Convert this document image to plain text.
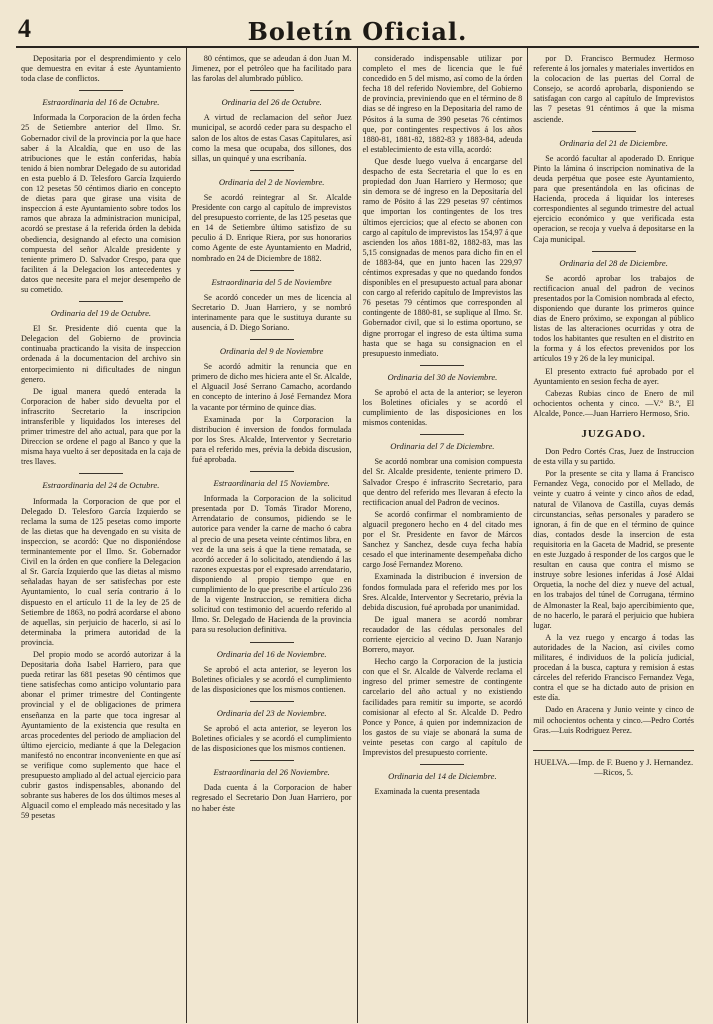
4	Boletín Oficial.

Depositaria por el desprendimiento y celo que demuestra en evitar á este Ayuntamiento toda clase de conflictos.

Estraordinaria del 16 de Octubre.

Informada la Corporacion de la órden fecha 25 de Setiembre anterior del Ilmo. Sr. Gobernador civil de la provincia por la que hace saber á la Alcaldía, que en uso de las atribuciones que le están conferidas, había tenido á bien nombrar Delegado de su autoridad en esta pueblo á D. Telesforo García Izquierdo con 12 pesetas 50 céntimos diario en concepto de dietas para que girase una visita de inspeccion á este Ayuntamiento sobre todos los ramos que abraza la administracion municipal, acordó se prestase á la referida órden la debida obediencia, designando al efecto una comision compuesta del señor Alcalde presidente y teniente primero D. Salvador Crespo, para que faciliten á la Delegacion los antecedentes y datos que necesite para el mejor desempeño de su cometido.

Ordinaria del 19 de Octubre.

El Sr. Presidente dió cuenta que la Delegacion del Gobierno de provincia continuaba practicando la visita de inspeccion ordenada á la documentacion del archivo sin entorpecimiento ni dificultades de ningun genero.

De igual manera quedó enterada la Corporacion de haber sido devuelta por el infrascrito Secretario la inscripcion intransferible y liquidados los intereses del primer trimestre del año actual, para que por la Direccion se ordene el pago al Banco y que la misma haya vuelto á ser depositada en la caja de tres llaves.

Estraordinaria del 24 de Octubre.

Informada la Corporacion de que por el Delegado D. Telesforo García Izquierdo se reclama la suma de 125 pesetas como importe de las dietas que ha devengado en su visita de inspeccion, se acordó: Que no disponiéndose terminantemente por el Ilmo. Sr. Gobernador Civil en la órden en que confiere la Delegacion al Sr. García Izquierdo que las dietas al mismo señaladas hayan de ser satisfechas por este Ayuntamiento, lo cual sería contrario á lo dispuesto en el artículo 11 de la ley de 25 de Setiembre de 1863, no podrá acordarse el abono de aquellas, sin perjuicio de hacerlo, si así lo determinaba la primera autoridad de la provincia.

Del propio modo se acordó autorizar á la Depositaria doña Isabel Harriero, para que pueda retirar las 681 pesetas 90 céntimos que tiene satisfechas como anticipo voluntario para abonar el primer trimestre del Contingente provincial y el de obligaciones de primera enseñanza en la parte que toca ingresar al Ayuntamiento de la existencia que resulta en arcas procedentes del periodo de ampliacion del último ejercicio, mediante á que la Delegacion manifestó no encontrar inconveniente en que así se verifique como suplemento que hace el presupuesto ampliado al del actual ejercicio para cubrir gastos indispensables, abonando del sobrante sus haberes de los dos últimos meses al Alguacil como el empleado más necesitado y las 59 pesetas

80 céntimos, que se adeudan á don Juan M. Jimenez, por el petróleo que ha facilitado para las farolas del alumbrado público.

Ordinaria del 26 de Octubre.

A virtud de reclamacion del señor Juez municipal, se acordó ceder para su despacho el salon de los altos de estas Casas Capitulares, así como la mesa que ocupaba, dos sillones, dos sillas, un quinqué y una escribanía.

Ordinaria del 2 de Noviembre.

Se acordó reintegrar al Sr. Alcalde Presidente con cargo al capítulo de imprevistos del presupuesto corriente, de las 125 pesetas que en 14 de Setiembre último satisfizo de su peculio á D. Enrique Riera, por sus honorarios como Agente de este Ayuntamiento en Madrid, nombrado en 24 de Diciembre de 1882.

Estraordinaria del 5 de Noviembre

Se acordó conceder un mes de licencia al Secretario D. Juan Harriero, y se nombró interinamente para que le sustituya durante su ausencia, á D. Diego Soriano.

Ordinaria del 9 de Noviembre

Se acordó admitir la renuncia que en primero de dicho mes hiciera ante el Sr. Alcalde, el Alguacil José Serrano Camacho, acordando en concepto de interino á José Fernandez Mora la vacante por término de quince dias.

Examinada por la Corporacion la distribucion é inversion de fondos formulada por los Sres. Alcalde, Interventor y Secretario para el referido mes, prévia la debida discusion, fué aprobada.

Estraordinaria del 15 Noviembre.

Informada la Corporacion de la solicitud presentada por D. Tomás Tirador Moreno, Arrendatario de consumos, pidiendo se le autorice para vender la carne de macho ó cabra al precio de una peseta veinte céntimos libra, en vez de la una seis á que la tiene rematada, se acordó acceder á lo solicitado, atendiendo á las razones expuestas por el expresado arrendatario, disponiendo al propio tiempo que en cumplimiento de lo que prescribe el artículo 236 de la vigente Instruccion, se remitiera dicha solicitud con testimonio del acuerdo referido al Ilmo. Sr. Delegado de Hacienda de la provincia para su resolucion definitiva.

Ordinaria del 16 de Noviembre.

Se aprobó el acta anterior, se leyeron los Boletines oficiales y se acordó el cumplimiento de las disposiciones que los mismos contienen.

Ordinaria del 23 de Noviembre.

Se aprobó el acta anterior, se leyeron los Boletines oficiales y se acordó el cumplimiento de las disposiciones que los mismos contienen.

Estraordinaria del 26 Noviembre.

Dada cuenta á la Corporacion de haber regresado el Secretario Don Juan Harriero, por no haber éste

considerado indispensable utilizar por completo el mes de licencia que le fué concedido en 5 del mismo, así como de la órden fecha 18 del referido Noviembre, del Gobierno de provincia, previniendo que en el término de 8 dias se dé ingreso en la Depositaria del ramo de Pósitos á la suma de 390 pesetas 76 céntimos que, por contingentes respectivos á los años 1880-81, 1881-82, 1882-83 y 1883-84, adeuda el establecimiento de esta villa, acordó:

Que desde luego vuelva á encargarse del despacho de esta Secretaria el que lo es en propiedad don Juan Harriero y Hermoso; que sin demora se dé ingreso en la Depositaría del ramo de Pósito á las 229 pesetas 97 céntimos que importan los contingentes de los tres últimos ejercicios; que al efecto se abonen con cargo al capítulo de imprevistos las 154,97 á que ascienden los años 1881-82, 1882-83, mas las 5,15 consignadas de menos para dicho fin en el de 1883-84, que en junto hacen las 229,97 céntimos expresadas y que no quedando fondos disponibles en el presupuesto actual para abonar con cargo al referido capítulo de Imprevistos las 76 pesetas 79 céntimos que corresponden al contingente de 1880-81, se suplique al Ilmo. Sr. Gobernador civil, que si lo estima oportuno, se digne prorrogar el ingreso de esta última suma hasta que se haga su consignacion en el presupuesto inmediato.

Ordinaria del 30 de Noviembre.

Se aprobó el acta de la anterior; se leyeron los Boletines oficiales y se acordó el cumplimiento de las disposiciones en los mismos contenidas.

Ordinaria del 7 de Diciembre.

Se acordó nombrar una comision compuesta del Sr. Alcalde presidente, teniente primero D. Salvador Crespo é infrascrito Secretario, para que dentro del referido mes llevaran á efecto la rectificacion anual del Padron de vecinos.

Se acordó confirmar el nombramiento de alguacil pregonero hecho en 4 del citado mes por el Sr. Presidente en favor de Márcos Sanchez y Sanchez, desde cuya fecha había cesado el que interinamente desempeñaba dicho cargo José Fernandez Moreno.

Examinada la distribucion é inversion de fondos formulada para el referido mes por los Sres. Alcalde, Interventor y Secretario, prévia la debida discusion, fué aprobada por unanimidad.

De igual manera se acordó nombrar recaudador de las cédulas personales del corriente ejercicio al vecino D. Juan Naranjo Borrero, mayor.

Hecho cargo la Corporacion de la justicia con que el Sr. Alcalde de Valverde reclama el ingreso del primer semestre de contingente carcelario del año actual y no existiendo facilidades para remitir su importe, se acordó comisionar al efecto al Sr. Alcalde D. Pedro Ponce y Ponce, á quien por indemnizacion de los gastos de su viaje se abonará la suma de veinte pesetas con cargo al capítulo de Imprevistos del presupuesto corriente.

Ordinaria del 14 de Diciembre.

Examinada la cuenta presentada

por D. Francisco Bermudez Hermoso referente á los jornales y materiales invertidos en la colocacion de las puertas del Corral de Consejo, se acordó aprobarla, disponiendo se satisfagan con cargo al capítulo de Imprevistos las 7 pesetas 91 céntimos á que la misma asciende.

Ordinaria del 21 de Diciembre.

Se acordó facultar al apoderado D. Enrique Pinto la lámina ó inscripcion nominativa de la deuda perpétua que posee este Ayuntamiento, para que presentándola en las oficinas de Hacienda, proceda á liquidar los intereses correspondientes al segundo trimestre del actual ejercicio económico y que verificada esta operacion, se recoja y vuelva á depositarse en la Caja municipal.

Ordinaria del 28 de Diciembre.

Se acordó aprobar los trabajos de rectificacion anual del padron de vecinos presentados por la Comision nombrada al efecto, disponiendo que durante los primeros quince dias de Enero próximo, se expongan al público listas de las alteraciones ocurridas y otra de todos los habitantes que resulten en el distrito en la forma y á los efectos prevenidos por los artículos 19 y 26 de la ley municipal.

El presento extracto fué aprobado por el Ayuntamiento en sesion fecha de ayer.

Cabezas Rubias cinco de Enero de mil ochocientos ochenta y cinco. —V.º B.º, El Alcalde, Ponce.—Juan Harriero Hermoso, Srio.

JUZGADO.

Don Pedro Cortés Cras, Juez de Instruccion de esta villa y su partido.

Por la presente se cita y llama á Francisco Fernandez Vega, conocido por el Mellado, de veinte y cuatro á veinte y cinco años de edad, natural de Vilanova de Castilla, cuyas demás circunstancias, señas personales y paradero se ignoran, á fin de que en el término de quince dias, contados desde la insercion de esta requisitoria en la Gaceta de Madrid, se presente en este Juzgado á responder de los cargos que le resultan en causa que contra el mismo se instruye sobre lesiones inferidas á José Aldai Orquetia, la noche del diez y nueve del actual, en los trabajos del túnel de Corrugana, término de Almonaster la Real, bajo apercibimiento que, de no hacerlo, le parará el perjuicio que hubiera lugar.

A la vez ruego y encargo á todas las autoridades de la Nacion, así civiles como militares, é individuos de la policía judicial, procedan á la busca, captura y remision á estas cárceles del referido Francisco Fernandez Vega, contra el que se ha dictado auto de prision en este día.

Dado en Aracena y Junio veinte y cinco de mil ochocientos ochenta y cinco.—Pedro Cortés Gras.—Luis Rodriguez Perez.

HUELVA.—Imp. de F. Bueno y J. Hernandez.—Ricos, 5.
